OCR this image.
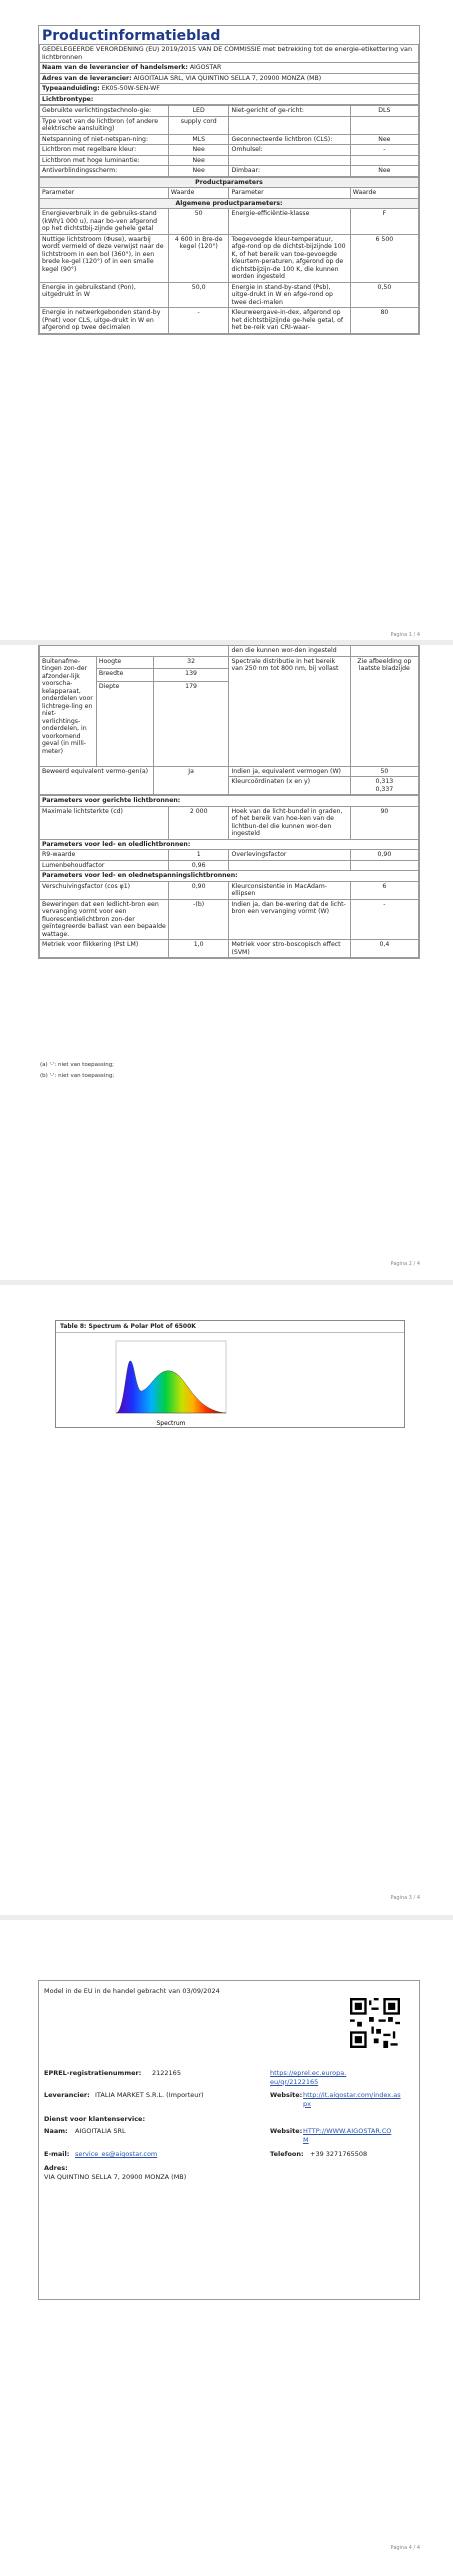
Productinformatieblad
GEDELEGEERDE VERORDENING (EU) 2019/2015 VAN DE COMMISSIE met betrekking tot de energie-etikettering van lichtbronnen
Naam van de leverancier of handelsmerk: AIGOSTAR
Adres van de leverancier: AIGOITALIA SRL, VIA QUINTINO SELLA 7, 20900 MONZA (MB)
Typeaanduiding: EK05-50W-SEN-WF
Lichtbrontype:
Gebruikte verlichtingstechnolo-gie:	LED	Niet-gericht of ge-richt:	DLS
Type voet van de lichtbron (of andere elektrische aansluiting)	supply cord		
Netspanning of niet-netspan-ning:	MLS	Geconnecteerde lichtbron (CLS):	Nee
Lichtbron met regelbare kleur:	Nee	Omhulsel:	-
Lichtbron met hoge luminantie:	Nee		
Antiverblindingsscherm:	Nee	Dimbaar:	Nee
Productparameters			
Parameter	Waarde	Parameter	Waarde
Algemene productparameters:			
Energieverbruik in de gebruiks-stand (kWh/1 000 u), naar bo-ven afgerond op het dichtstbij-zijnde gehele getal	50	Energie-efficiëntie-klasse	F
Nuttige lichtstroom (Φuse), waarbij wordt vermeld of deze verwijst naar de lichtstroom in een bol (360°), in een brede ke-gel (120°) of in een smalle kegel (90°)	4 600 in Bre-de kegel (120°)	Toegevoegde kleur-temperatuur, afge-rond op de dichtst-bijzijnde 100 K, of het bereik van toe-gevoegde kleurtem-peraturen, afgerond op de dichtstbijzijn-de 100 K, die kunnen worden ingesteld	6 500
Energie in gebruikstand (Pon), uitgedrukt in W	50,0	Energie in stand-by-stand (Psb), uitge-drukt in W en afge-rond op twee deci-malen	0,50
Energie in netwerkgebonden stand-by (Pnet) voor CLS, uitge-drukt in W en afgerond op twee decimalen	-	Kleurweergave-in-dex, afgerond op het dichtstbijzijnde ge-hele getal, of het be-reik van CRI-waar-	80
Pagina 1 / 4
			den die kunnen wor-den ingesteld	
Buitenafme-tingen zon-der afzonder-lijk voorscha-kelapparaat, onderdelen voor lichtrege-ling en niet-verlichtings-onderdelen, in voorkomend geval (in milli-meter)	Hoogte	32	Spectrale distributie in het bereik van 250 nm tot 800 nm, bij vollast	Zie afbeelding op laatste bladzijde
	Breedte	139		
	Diepte	179		
Beweerd equivalent vermo-gen(a)		Ja	Indien ja, equivalent vermogen (W)	50
			Kleurcoördinaten (x en y)	0,313
0,337
Parameters voor gerichte lichtbronnen:			
Maximale lichtsterkte (cd)	2 000	Hoek van de licht-bundel in graden, of het bereik van hoe-ken van de lichtbun-del die kunnen wor-den ingesteld	90
Parameters voor led- en oledlichtbronnen:			
R9-waarde	1	Overlevingsfactor	0,90
Lumenbehoudfactor	0,96		
Parameters voor led- en olednetspanningslichtbronnen:			
Verschuivingsfactor (cos φ1)	0,90	Kleurconsistentie in MacAdam-ellipsen	6
Beweringen dat een ledlicht-bron een vervanging vormt voor een fluorescentielichtbron zon-der geïntegreerde ballast van een bepaalde wattage.	-(b)	Indien ja, dan be-wering dat de licht-bron een vervanging vormt (W)	-
Metriek voor flikkering (Pst LM)	1,0	Metriek voor stro-boscopisch effect (SVM)	0,4
(a) '-': niet van toepassing;
(b) '-': niet van toepassing;
Pagina 2 / 4
Pagina 3 / 4
Table 8: Spectrum & Polar Plot of 6500K
Spectrum
Model in de EU in de handel gebracht van 03/09/2024
EPREL-registratienummer: 2122165	https://eprel.ec.europa.eu/qr/2122165
Leverancier: ITALIA MARKET S.R.L. (Importeur)	Website: http://it.aigostar.com/index.aspx
Dienst voor klantenservice:
Naam: AIGOITALIA SRL	Website: HTTP://WWW.AIGOSTAR.COM
E-mail: service_es@aigostar.com	Telefoon: +39 3271765508
Adres:
VIA QUINTINO SELLA 7, 20900 MONZA (MB)
Pagina 4 / 4
